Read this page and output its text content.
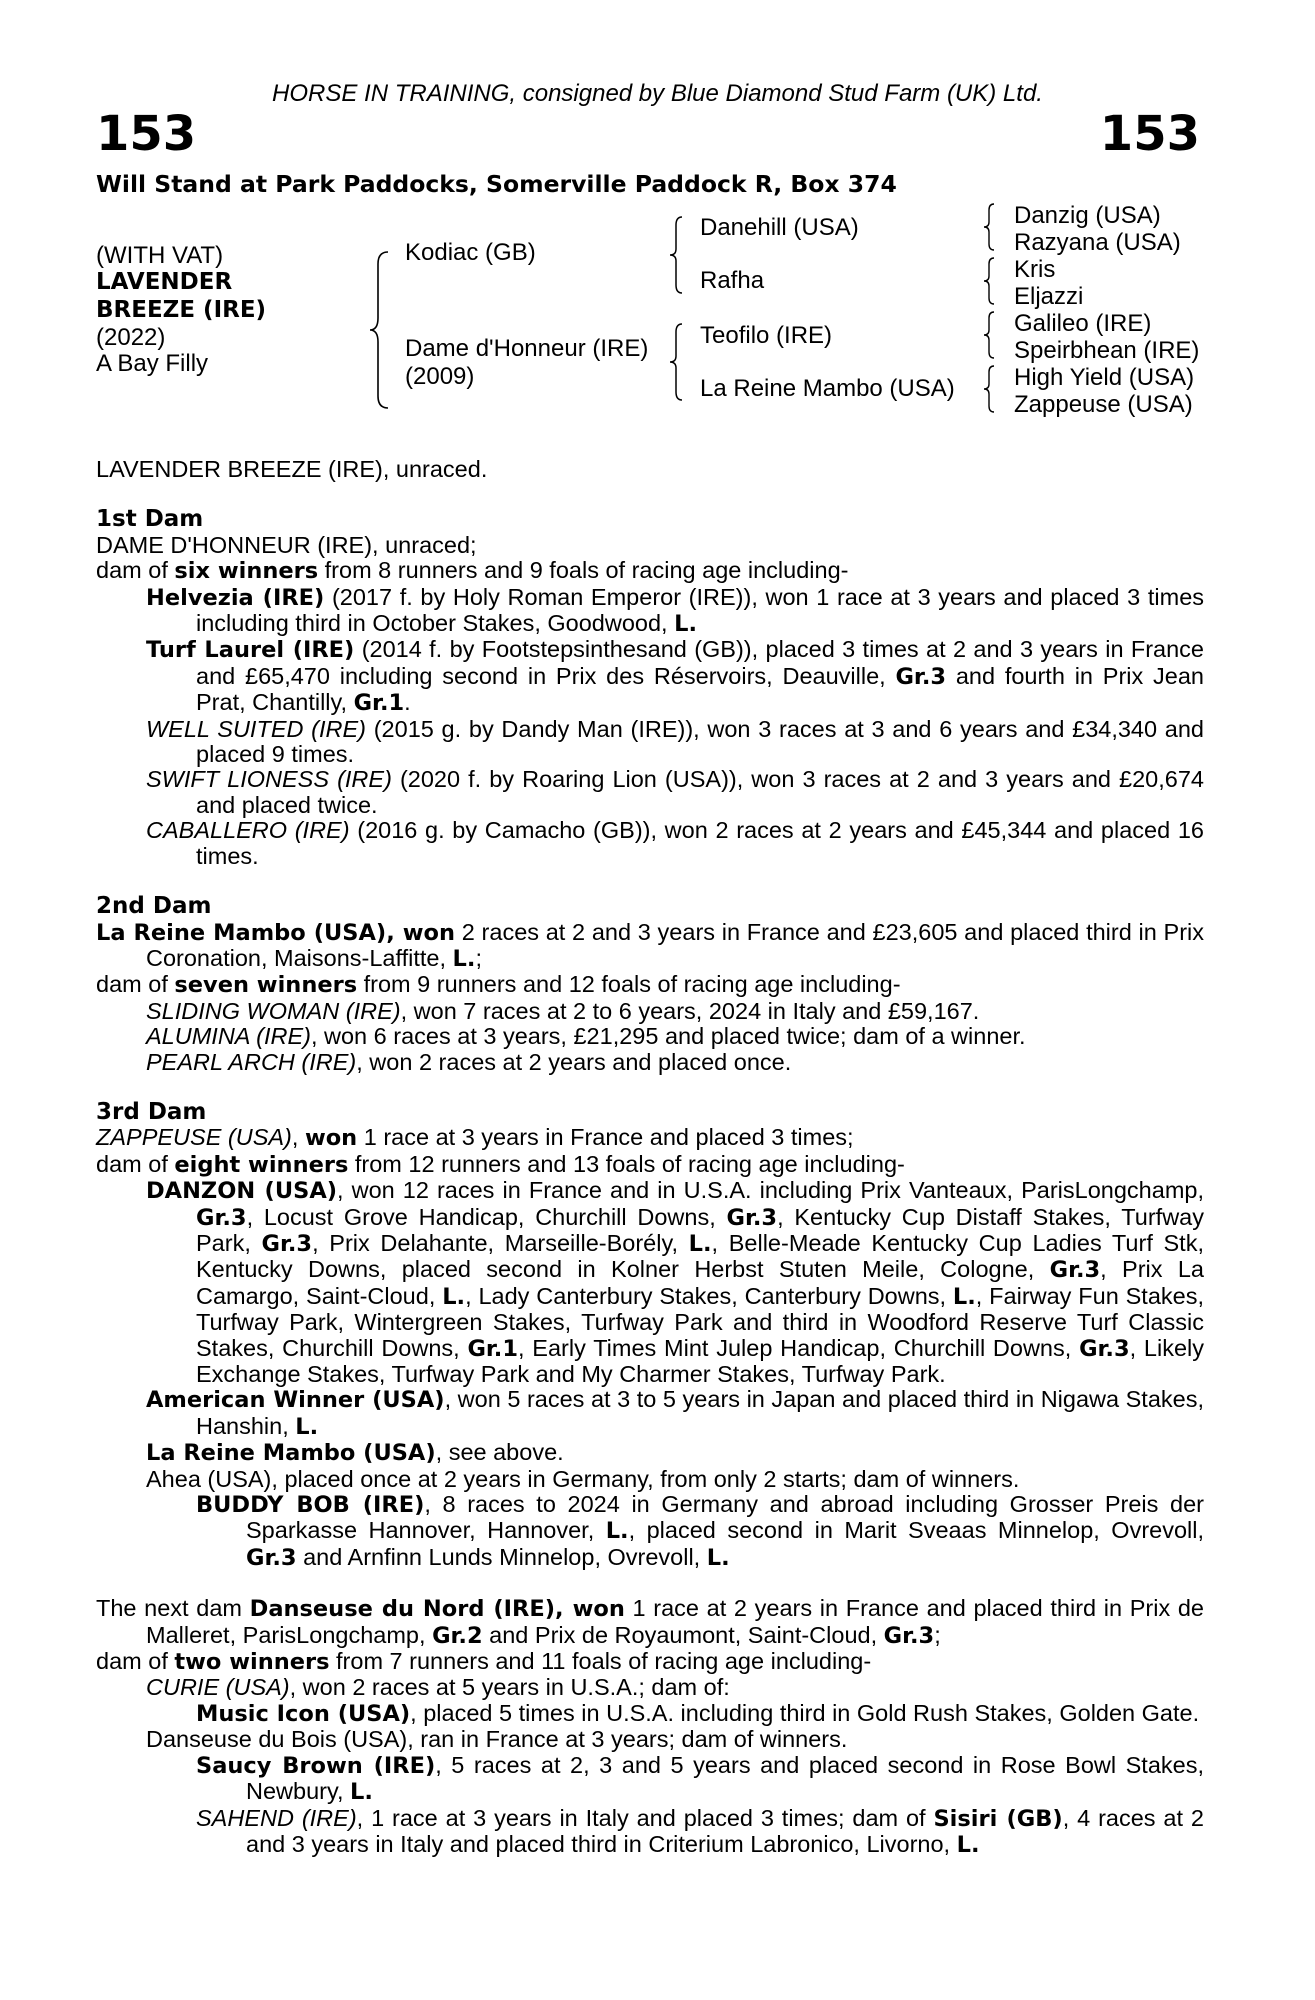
HORSE IN TRAINING, consigned by Blue Diamond Stud Farm (UK) Ltd.
153	153
Will Stand at Park Paddocks, Somerville Paddock R, Box 374
(WITH VAT)
LAVENDER
BREEZE (IRE)
(2022)
A Bay Filly
Kodiac (GB)
Dame d'Honneur (IRE)
(2009)
Danehill (USA)
Rafha
Teofilo (IRE)
La Reine Mambo (USA)
Danzig (USA)
Razyana (USA)
Kris
Eljazzi
Galileo (IRE)
Speirbhean (IRE)
High Yield (USA)
Zappeuse (USA)

LAVENDER BREEZE (IRE), unraced.

1st Dam

DAME D'HONNEUR (IRE), unraced;

dam of six winners from 8 runners and 9 foals of racing age including-

Helvezia (IRE) (2017 f. by Holy Roman Emperor (IRE)), won 1 race at 3 years and placed 3 times including third in October Stakes, Goodwood, L.

Turf Laurel (IRE) (2014 f. by Footstepsinthesand (GB)), placed 3 times at 2 and 3 years in France and £65,470 including second in Prix des Réservoirs, Deauville, Gr.3 and fourth in Prix Jean Prat, Chantilly, Gr.1.

WELL SUITED (IRE) (2015 g. by Dandy Man (IRE)), won 3 races at 3 and 6 years and £34,340 and placed 9 times.

SWIFT LIONESS (IRE) (2020 f. by Roaring Lion (USA)), won 3 races at 2 and 3 years and £20,674 and placed twice.

CABALLERO (IRE) (2016 g. by Camacho (GB)), won 2 races at 2 years and £45,344 and placed 16 times.

2nd Dam

La Reine Mambo (USA), won 2 races at 2 and 3 years in France and £23,605 and placed third in Prix Coronation, Maisons-Laffitte, L.;

dam of seven winners from 9 runners and 12 foals of racing age including-

SLIDING WOMAN (IRE), won 7 races at 2 to 6 years, 2024 in Italy and £59,167.

ALUMINA (IRE), won 6 races at 3 years, £21,295 and placed twice; dam of a winner.

PEARL ARCH (IRE), won 2 races at 2 years and placed once.

3rd Dam

ZAPPEUSE (USA), won 1 race at 3 years in France and placed 3 times;

dam of eight winners from 12 runners and 13 foals of racing age including-

DANZON (USA), won 12 races in France and in U.S.A. including Prix Vanteaux, ParisLongchamp, Gr.3, Locust Grove Handicap, Churchill Downs, Gr.3, Kentucky Cup Distaff Stakes, Turfway Park, Gr.3, Prix Delahante, Marseille-Borély, L., Belle-Meade Kentucky Cup Ladies Turf Stk, Kentucky Downs, placed second in Kolner Herbst Stuten Meile, Cologne, Gr.3, Prix La Camargo, Saint-Cloud, L., Lady Canterbury Stakes, Canterbury Downs, L., Fairway Fun Stakes, Turfway Park, Wintergreen Stakes, Turfway Park and third in Woodford Reserve Turf Classic Stakes, Churchill Downs, Gr.1, Early Times Mint Julep Handicap, Churchill Downs, Gr.3, Likely Exchange Stakes, Turfway Park and My Charmer Stakes, Turfway Park.

American Winner (USA), won 5 races at 3 to 5 years in Japan and placed third in Nigawa Stakes, Hanshin, L.

La Reine Mambo (USA), see above.

Ahea (USA), placed once at 2 years in Germany, from only 2 starts; dam of winners.

BUDDY BOB (IRE), 8 races to 2024 in Germany and abroad including Grosser Preis der Sparkasse Hannover, Hannover, L., placed second in Marit Sveaas Minnelop, Ovrevoll, Gr.3 and Arnfinn Lunds Minnelop, Ovrevoll, L.

The next dam Danseuse du Nord (IRE), won 1 race at 2 years in France and placed third in Prix de Malleret, ParisLongchamp, Gr.2 and Prix de Royaumont, Saint-Cloud, Gr.3;

dam of two winners from 7 runners and 11 foals of racing age including-

CURIE (USA), won 2 races at 5 years in U.S.A.; dam of:

Music Icon (USA), placed 5 times in U.S.A. including third in Gold Rush Stakes, Golden Gate.

Danseuse du Bois (USA), ran in France at 3 years; dam of winners.

Saucy Brown (IRE), 5 races at 2, 3 and 5 years and placed second in Rose Bowl Stakes, Newbury, L.

SAHEND (IRE), 1 race at 3 years in Italy and placed 3 times; dam of Sisiri (GB), 4 races at 2 and 3 years in Italy and placed third in Criterium Labronico, Livorno, L.
